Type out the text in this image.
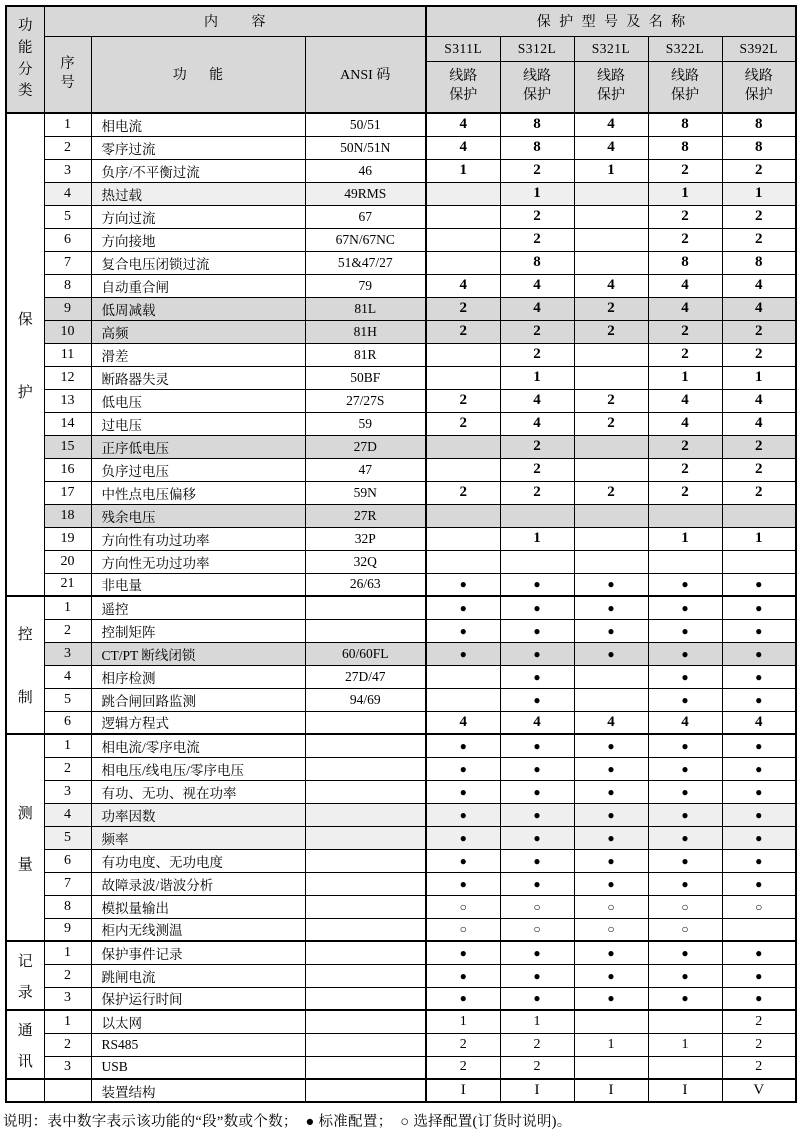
功能分类	内容			保护型号及名称				

	序号	功能	ANSI 码	S311L	S312L	S321L	S322L	S392L

				线路保护	线路保护	线路保护	线路保护	线路保护

保
护	1	相电流	50/51	4	8	4	8	8
	2	零序过流	50N/51N	4	8	4	8	8
	3	负序/不平衡过流	46	1	2	1	2	2
	4	热过载	49RMS		1		1	1
	5	方向过流	67		2		2	2
	6	方向接地	67N/67NC		2		2	2
	7	复合电压闭锁过流	51&47/27		8		8	8
	8	自动重合闸	79	4	4	4	4	4
	9	低周减载	81L	2	4	2	4	4
	10	高频	81H	2	2	2	2	2
	11	滑差	81R		2		2	2
	12	断路器失灵	50BF		1		1	1
	13	低电压	27/27S	2	4	2	4	4
	14	过电压	59	2	4	2	4	4
	15	正序低电压	27D		2		2	2
	16	负序过电压	47		2		2	2
	17	中性点电压偏移	59N	2	2	2	2	2
	18	残余电压	27R					
	19	方向性有功过功率	32P		1		1	1
	20	方向性无功过功率	32Q					
	21	非电量	26/63	●	●	●	●	●

控
制	1	遥控		●	●	●	●	●
	2	控制矩阵		●	●	●	●	●
	3	CT/PT 断线闭锁	60/60FL	●	●	●	●	●
	4	相序检测	27D/47		●		●	●
	5	跳合闸回路监测	94/69		●		●	●
	6	逻辑方程式		4	4	4	4	4

测
量	1	相电流/零序电流		●	●	●	●	●
	2	相电压/线电压/零序电压		●	●	●	●	●
	3	有功、无功、视在功率		●	●	●	●	●
	4	功率因数		●	●	●	●	●
	5	频率		●	●	●	●	●
	6	有功电度、无功电度		●	●	●	●	●
	7	故障录波/谐波分析		●	●	●	●	●
	8	模拟量输出		○	○	○	○	○
	9	柜内无线测温		○	○	○	○	

记
录	1	保护事件记录		●	●	●	●	●
	2	跳闸电流		●	●	●	●	●
	3	保护运行时间		●	●	●	●	●

通
讯	1	以太网		1	1			2
	2	RS485		2	2	1	1	2
	3	USB		2	2			2
		装置结构		I	I	I	I	V
说明：表中数字表示该功能的“段”数或个数；  ● 标准配置；  ○ 选择配置(订货时说明)。
